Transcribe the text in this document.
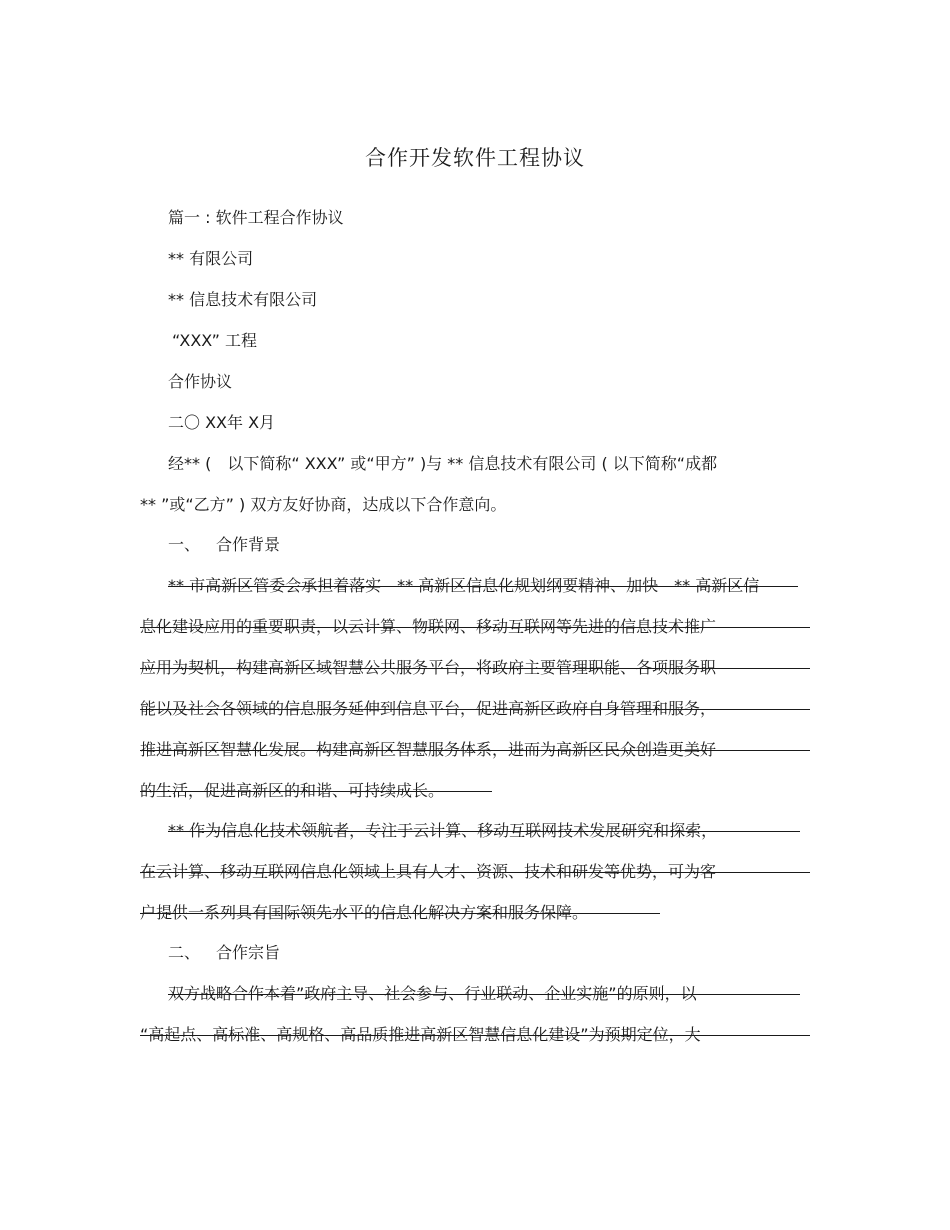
合作开发软件工程协议
篇一 : 软件工程合作协议
** 有限公司
** 信息技术有限公司
“XXX” 工程
合作协议
二〇 XX年 X月
经** (　以下简称“ XXX” 或“甲方” )与 ** 信息技术有限公司 ( 以下简称“成都
** ”或“乙方” ) 双方友好协商，达成以下合作意向。
一、 合作背景
** 市高新区管委会承担着落实　** 高新区信息化规划纲要精神、加快　** 高新区信
息化建设应用的重要职责，以云计算、物联网、移动互联网等先进的信息技术推广
应用为契机，构建高新区域智慧公共服务平台，将政府主要管理职能、各项服务职
能以及社会各领域的信息服务延伸到信息平台，促进高新区政府自身管理和服务，
推进高新区智慧化发展。构建高新区智慧服务体系，进而为高新区民众创造更美好
的生活，促进高新区的和谐、可持续成长。
** 作为信息化技术领航者，专注于云计算、移动互联网技术发展研究和探索，
在云计算、移动互联网信息化领域上具有人才、资源、技术和研发等优势，可为客
户提供一系列具有国际领先水平的信息化解决方案和服务保障。
二、 合作宗旨
双方战略合作本着”政府主导、社会参与、行业联动、企业实施”的原则，以
“高起点、高标准、高规格、高品质推进高新区智慧信息化建设”为预期定位，大
